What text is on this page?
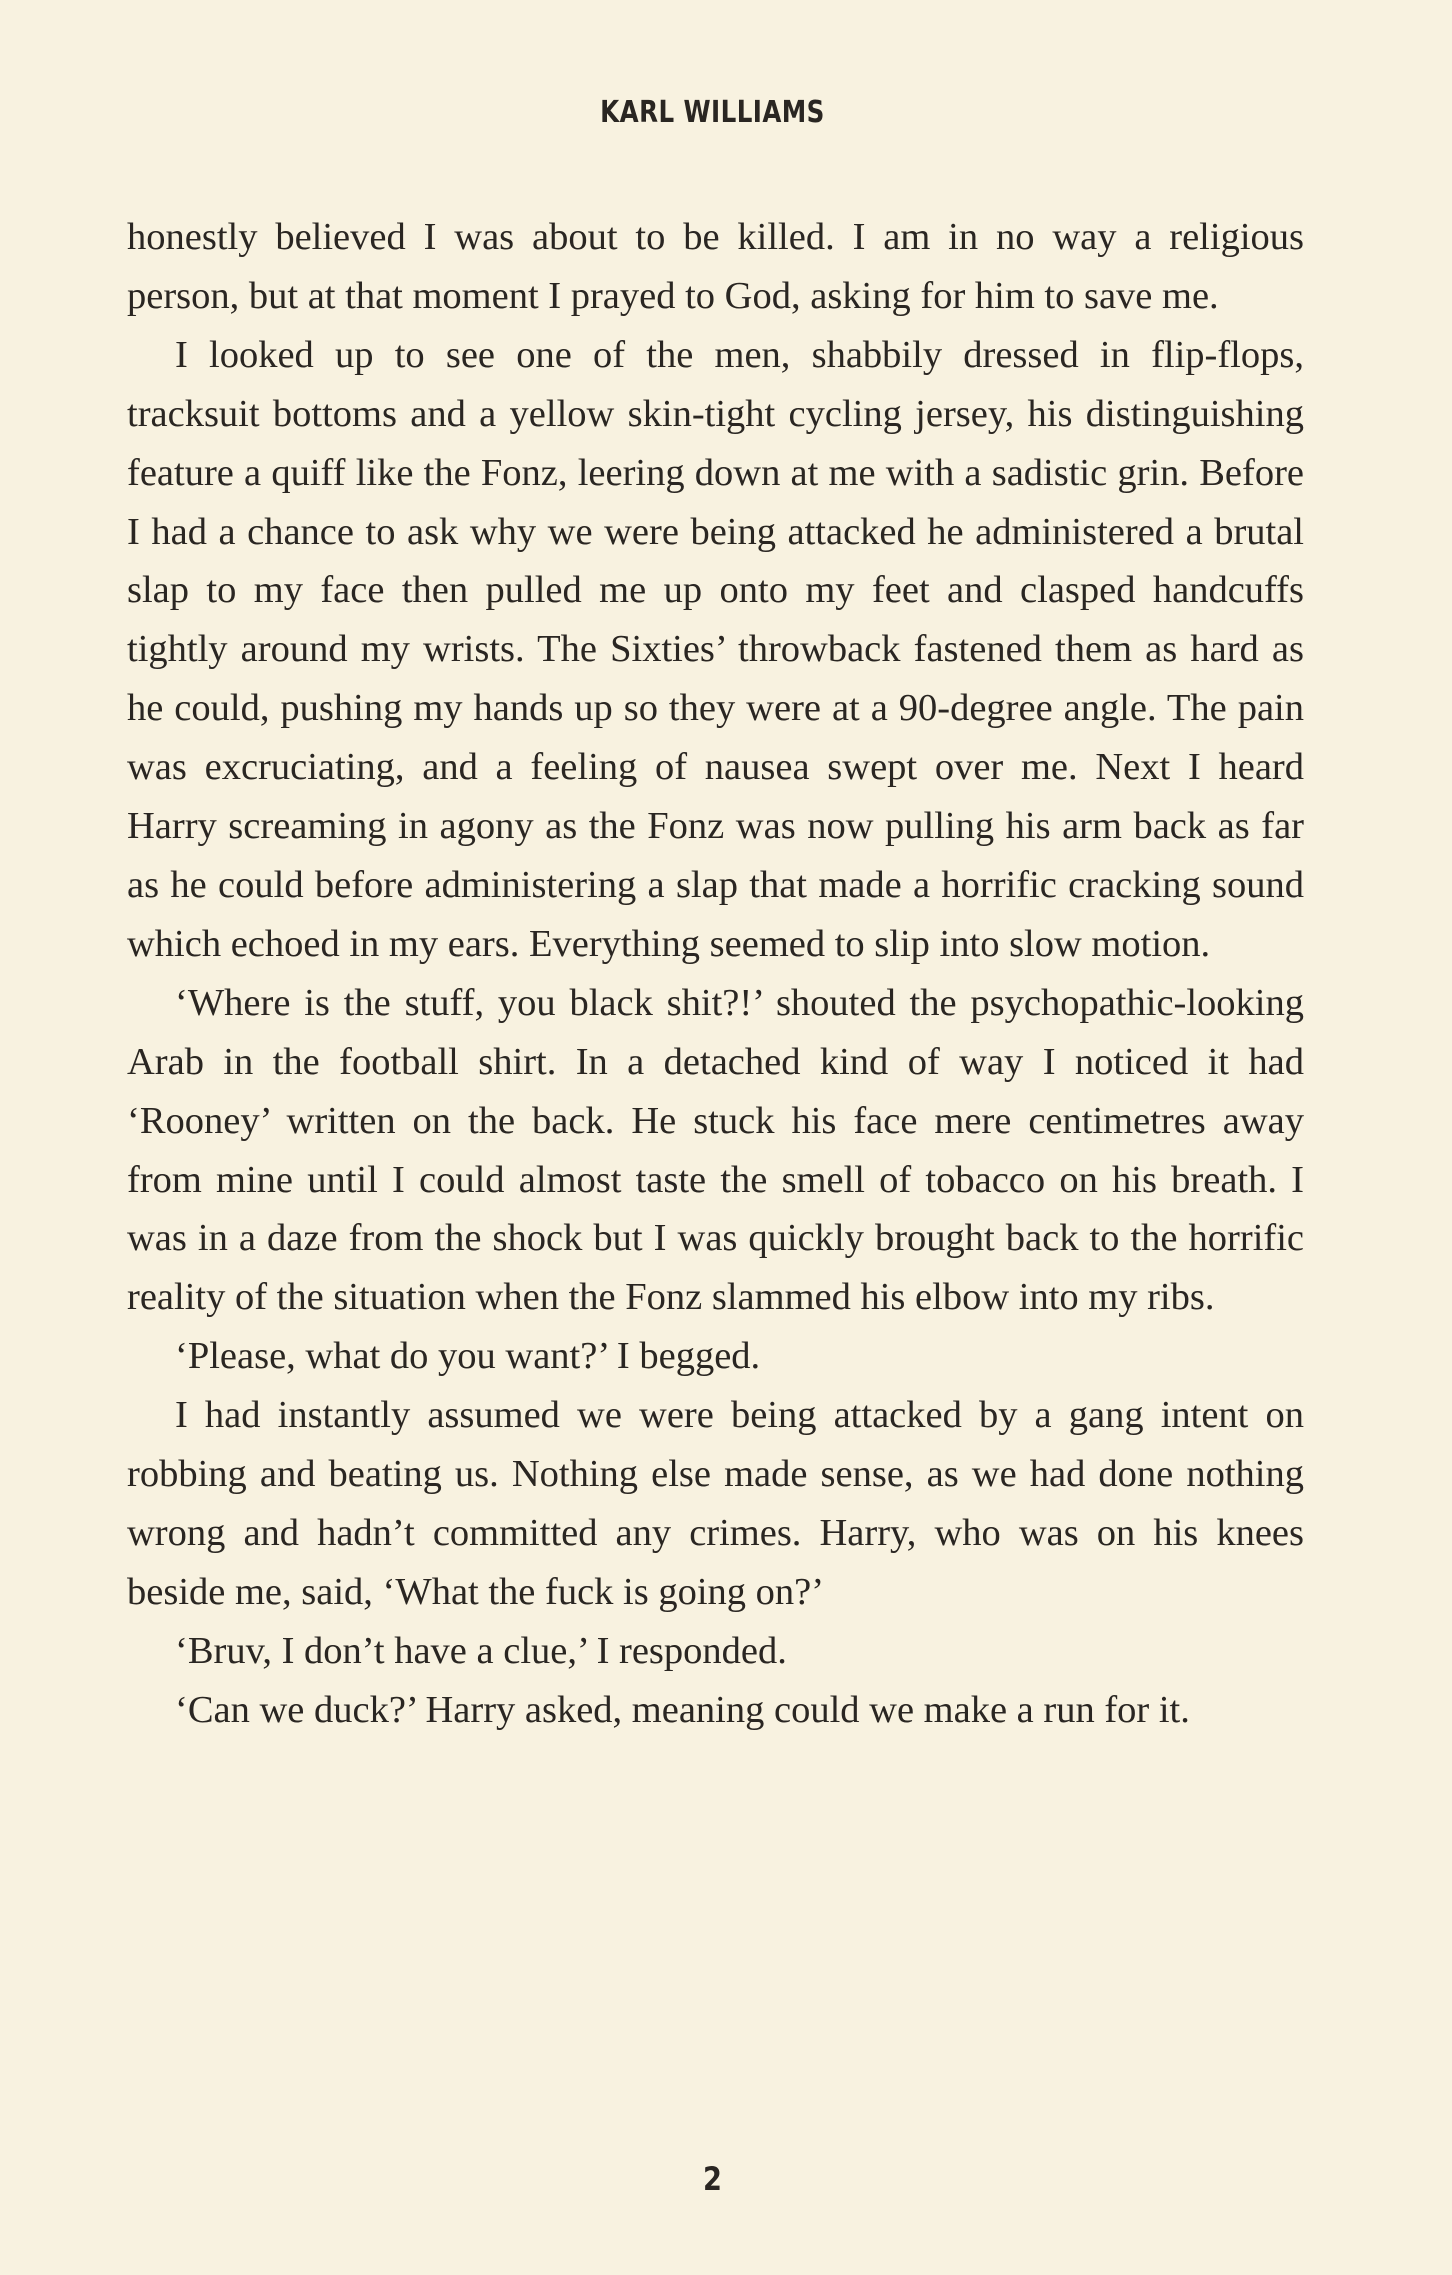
KARL WILLIAMS

honestly believed I was about to be killed. I am in no way a religious person, but at that moment I prayed to God, asking for him to save me.

I looked up to see one of the men, shabbily dressed in flip-flops, tracksuit bottoms and a yellow skin-tight cycling jersey, his distinguishing feature a quiff like the Fonz, leering down at me with a sadistic grin. Before I had a chance to ask why we were being attacked he administered a brutal slap to my face then pulled me up onto my feet and clasped handcuffs tightly around my wrists. The Sixties’ throwback fastened them as hard as he could, pushing my hands up so they were at a 90-degree angle. The pain was excruciating, and a feeling of nausea swept over me. Next I heard Harry screaming in agony as the Fonz was now pulling his arm back as far as he could before administering a slap that made a horrific cracking sound which echoed in my ears. Everything seemed to slip into slow motion.

‘Where is the stuff, you black shit?!’ shouted the psychopathic-looking Arab in the football shirt. In a detached kind of way I noticed it had ‘Rooney’ written on the back. He stuck his face mere centimetres away from mine until I could almost taste the smell of tobacco on his breath. I was in a daze from the shock but I was quickly brought back to the horrific reality of the situation when the Fonz slammed his elbow into my ribs.

‘Please, what do you want?’ I begged.

I had instantly assumed we were being attacked by a gang intent on robbing and beating us. Nothing else made sense, as we had done nothing wrong and hadn’t committed any crimes. Harry, who was on his knees beside me, said, ‘What the fuck is going on?’

‘Bruv, I don’t have a clue,’ I responded.

‘Can we duck?’ Harry asked, meaning could we make a run for it.

2
